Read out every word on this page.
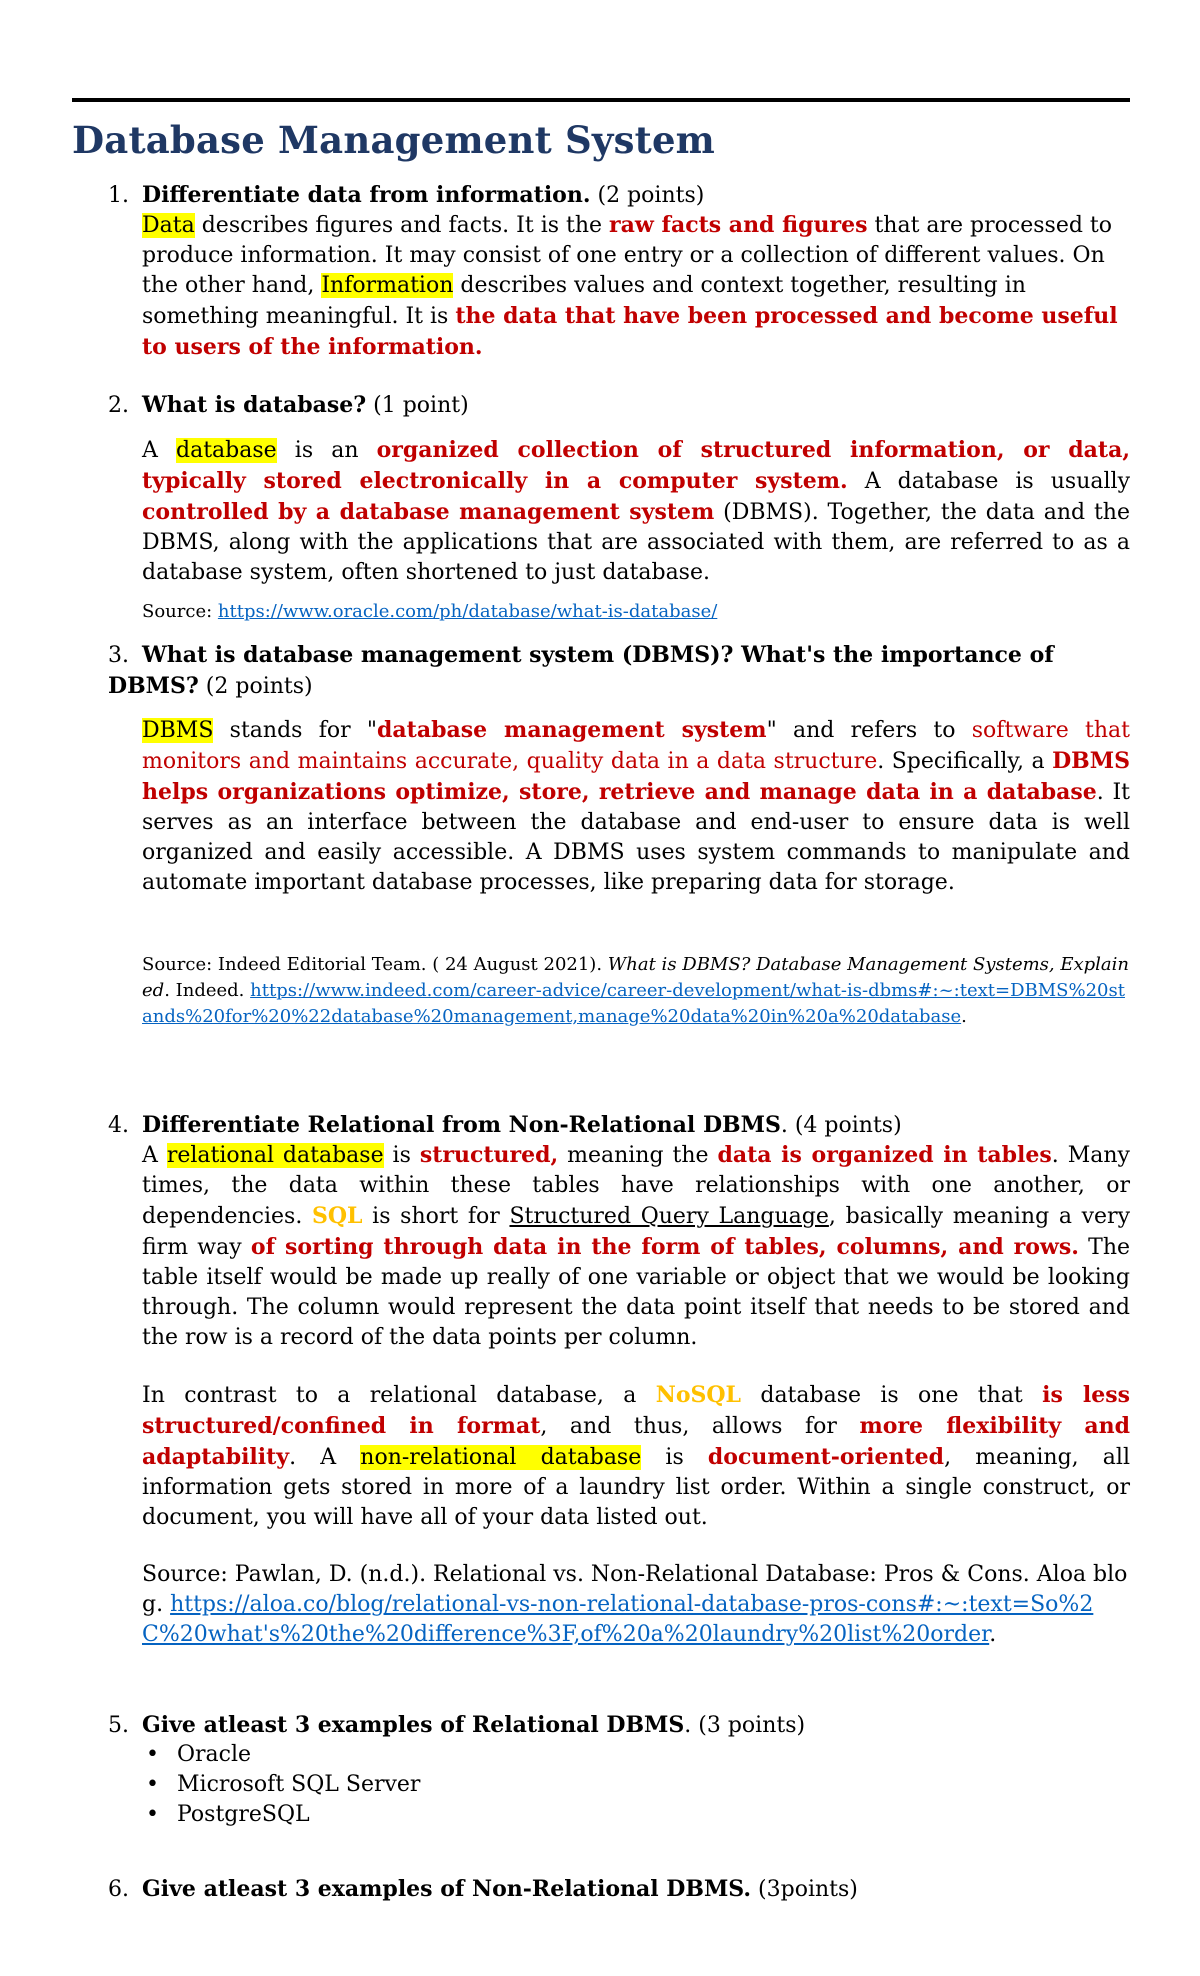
Database Management System

1. Differentiate data from information. (2 points)

Data describes figures and facts. It is the raw facts and figures that are processed to produce information. It may consist of one entry or a collection of different values. On the other hand, Information describes values and context together, resulting in something meaningful. It is the data that have been processed and become useful to users of the information.

2. What is database? (1 point)

A database is an organized collection of structured information, or data, typically stored electronically in a computer system. A database is usually controlled by a database management system (DBMS). Together, the data and the DBMS, along with the applications that are associated with them, are referred to as a database system, often shortened to just database.

Source: https://www.oracle.com/ph/database/what-is-database/

3. What is database management system (DBMS)? What's the importance of DBMS? (2 points)

DBMS stands for "database management system" and refers to software that monitors and maintains accurate, quality data in a data structure. Specifically, a DBMS helps organizations optimize, store, retrieve and manage data in a database. It serves as an interface between the database and end-user to ensure data is well organized and easily accessible. A DBMS uses system commands to manipulate and automate important database processes, like preparing data for storage.

Source: Indeed Editorial Team. ( 24 August 2021). What is DBMS? Database Management Systems, Explained. Indeed. https://www.indeed.com/career-advice/career-development/what-is-dbms#:~:text=DBMS%20stands%20for%20%22database%20management,manage%20data%20in%20a%20database.

4. Differentiate Relational from Non-Relational DBMS. (4 points)

A relational database is structured, meaning the data is organized in tables. Many times, the data within these tables have relationships with one another, or dependencies. SQL is short for Structured Query Language, basically meaning a very firm way of sorting through data in the form of tables, columns, and rows. The table itself would be made up really of one variable or object that we would be looking through. The column would represent the data point itself that needs to be stored and the row is a record of the data points per column.

In contrast to a relational database, a NoSQL database is one that is less structured/confined in format, and thus, allows for more flexibility and adaptability. A non-relational database is document-oriented, meaning, all information gets stored in more of a laundry list order. Within a single construct, or document, you will have all of your data listed out.

Source: Pawlan, D. (n.d.). Relational vs. Non-Relational Database: Pros & Cons. Aloa blog. https://aloa.co/blog/relational-vs-non-relational-database-pros-cons#:~:text=So%2C%20what's%20the%20difference%3F,of%20a%20laundry%20list%20order.

5. Give atleast 3 examples of Relational DBMS. (3 points)

• Oracle
• Microsoft SQL Server
• PostgreSQL

6. Give atleast 3 examples of Non-Relational DBMS. (3points)
